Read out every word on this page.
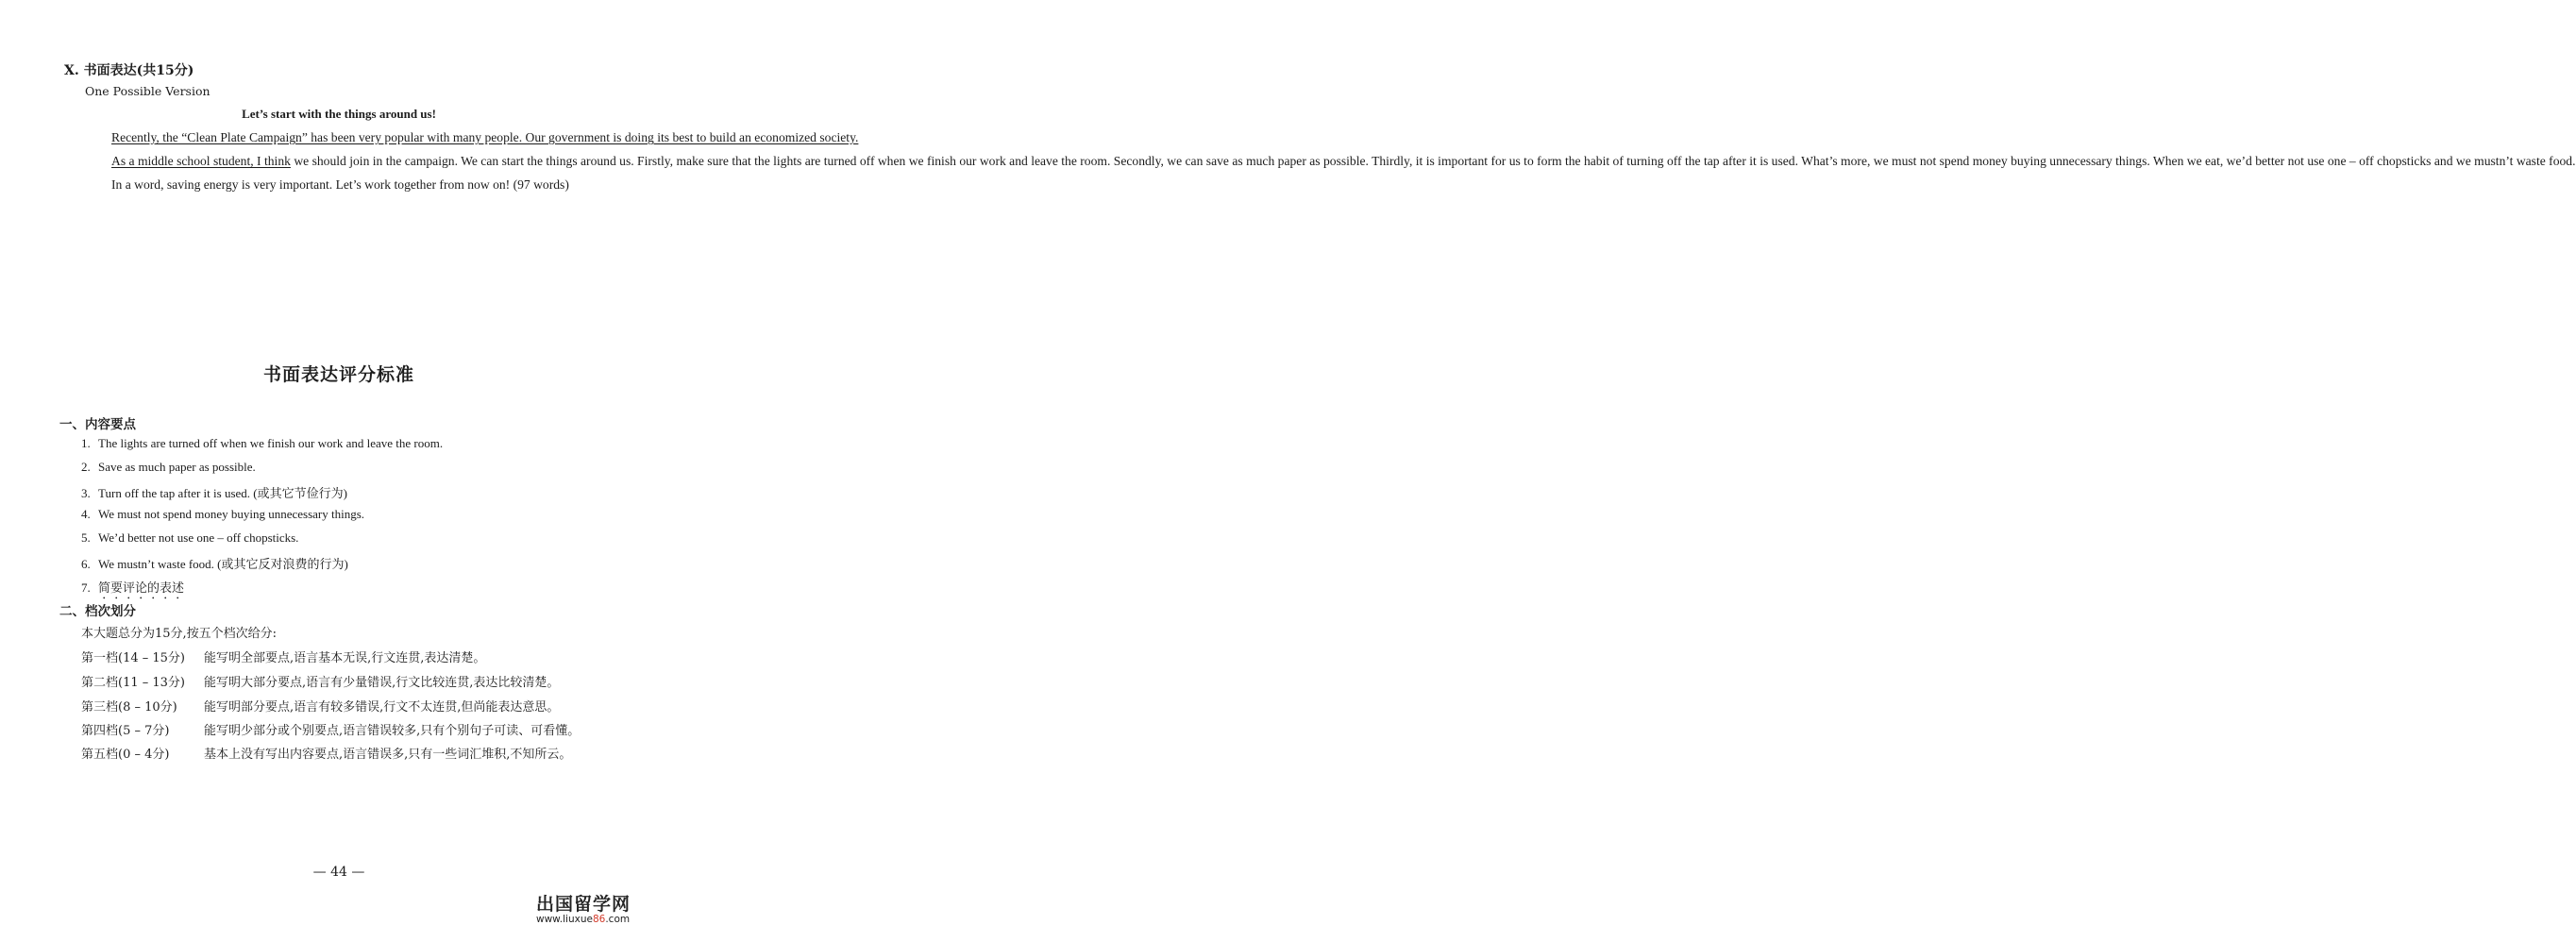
X. 书面表达(共15分)
One Possible Version
Let’s start with the things around us!

Recently, the “Clean Plate Campaign” has been very popular with many people. Our government is doing its best to build an economized society.

As a middle school student, I think we should join in the campaign. We can start the things around us. Firstly, make sure that the lights are turned off when we finish our work and leave the room. Secondly, we can save as much paper as possible. Thirdly, it is important for us to form the habit of turning off the tap after it is used. What’s more, we must not spend money buying unnecessary things. When we eat, we’d better not use one – off chopsticks and we mustn’t waste food.

In a word, saving energy is very important. Let’s work together from now on! (97 words)

书面表达评分标准
一、内容要点
1. The lights are turned off when we finish our work and leave the room.
2. Save as much paper as possible.
3. Turn off the tap after it is used. (或其它节俭行为)
4. We must not spend money buying unnecessary things.
5. We’d better not use one – off chopsticks.
6. We mustn’t waste food. (或其它反对浪费的行为)
7. 简要评论的表述
二、档次划分
本大题总分为15分,按五个档次给分:
第一档(14 – 15分) 能写明全部要点,语言基本无误,行文连贯,表达清楚。
第二档(11 – 13分) 能写明大部分要点,语言有少量错误,行文比较连贯,表达比较清楚。
第三档(8 – 10分) 能写明部分要点,语言有较多错误,行文不太连贯,但尚能表达意思。
第四档(5 – 7分)	能写明少部分或个别要点,语言错误较多,只有个别句子可读、可看懂。
第五档(0 – 4分)	基本上没有写出内容要点,语言错误多,只有一些词汇堆积,不知所云。
— 44 —
出国留学网
www.liuxue86.com
